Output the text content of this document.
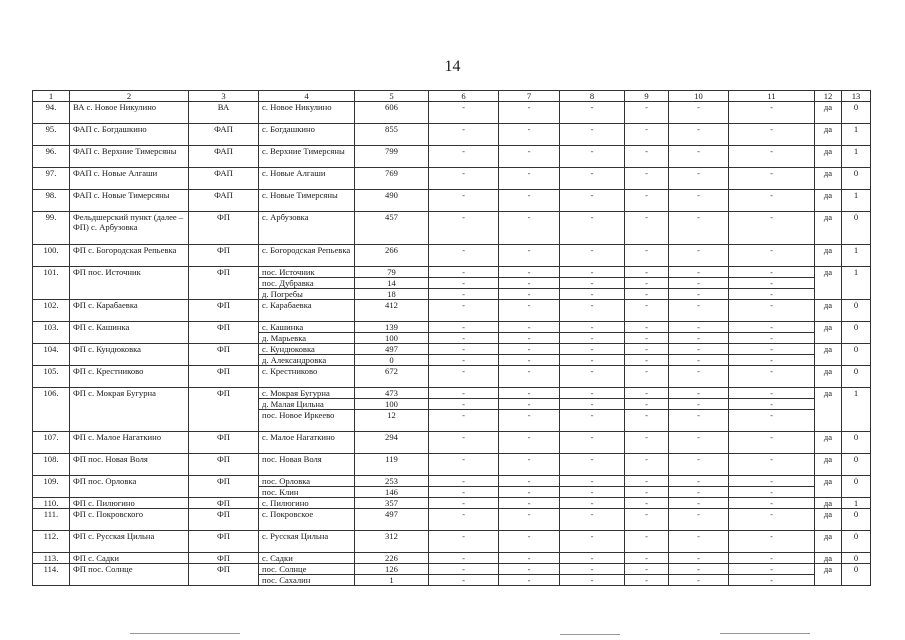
14
1	2	3	4	5	6	7	8	9	10	11	12	13
94.	ВА с. Новое Никулино	ВА	с. Новое Никулино	606	-	-	-	-	-	-	да	0
95.	ФАП с. Богдашкино	ФАП	с. Богдашкино	855	-	-	-	-	-	-	да	1
96.	ФАП с. Верхние Тимерсяны	ФАП	с. Верхние Тимерсяны	799	-	-	-	-	-	-	да	1
97.	ФАП с. Новые Алгаши	ФАП	с. Новые Алгаши	769	-	-	-	-	-	-	да	0
98.	ФАП с. Новые Тимерсяны	ФАП	с. Новые Тимерсяны	490	-	-	-	-	-	-	да	1
99.	Фельдшерский пункт (далее – ФП) с. Арбузовка	ФП	с. Арбузовка	457	-	-	-	-	-	-	да	0
100.	ФП с. Богородская Репьевка	ФП	с. Богородская Репьевка	266	-	-	-	-	-	-	да	1
101.	ФП пос. Источник	ФП	пос. Источник	79	-	-	-	-	-	-	да	1
			пос. Дубравка	14	-	-	-	-	-	-		
			д. Погребы	18	-	-	-	-	-	-		
102.	ФП с. Карабаевка	ФП	с. Карабаевка	412	-	-	-	-	-	-	да	0
103.	ФП с. Кашинка	ФП	с. Кашинка	139	-	-	-	-	-	-	да	0
			д. Марьевка	100	-	-	-	-	-	-		
104.	ФП с. Кундюковка	ФП	с. Кундюковка	497	-	-	-	-	-	-	да	0
			д. Александровка	0	-	-	-	-	-	-		
105.	ФП с. Крестниково	ФП	с. Крестниково	672	-	-	-	-	-	-	да	0
106.	ФП с. Мокрая Бугурна	ФП	с. Мокрая Бугурна	473	-	-	-	-	-	-	да	1
			д. Малая Цильна	100	-	-	-	-	-	-		
			пос. Новое Иркеево	12	-	-	-	-	-	-		
107.	ФП с. Малое Нагаткино	ФП	с. Малое Нагаткино	294	-	-	-	-	-	-	да	0
108.	ФП пос. Новая Воля	ФП	пос. Новая Воля	119	-	-	-	-	-	-	да	0
109.	ФП пос. Орловка	ФП	пос. Орловка	253	-	-	-	-	-	-	да	0
			пос. Клин	146	-	-	-	-	-	-		
110.	ФП с. Пилюгино	ФП	с. Пилюгино	357	-	-	-	-	-	-	да	1
111.	ФП с. Покровского	ФП	с. Покровское	497	-	-	-	-	-	-	да	0
112.	ФП с. Русская Цильна	ФП	с. Русская Цильна	312	-	-	-	-	-	-	да	0
113.	ФП с. Садки	ФП	с. Садки	226	-	-	-	-	-	-	да	0
114.	ФП пос. Солнце	ФП	пос. Солнце	126	-	-	-	-	-	-	да	0
			пос. Сахалин	1	-	-	-	-	-	-		
